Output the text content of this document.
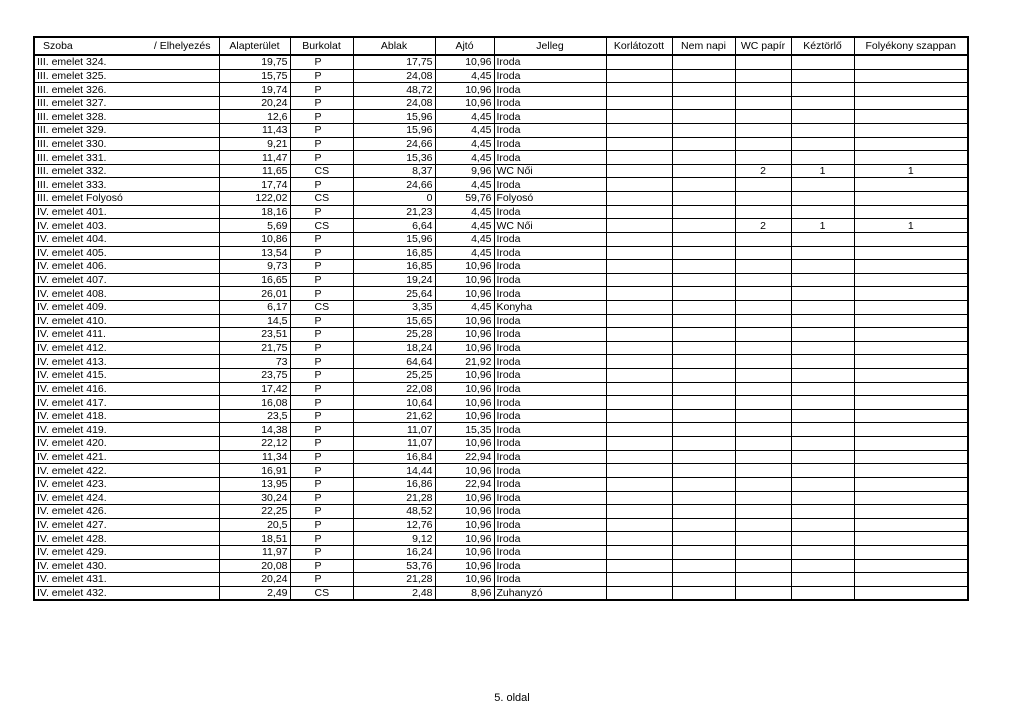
Szoba / Elhelyezés	Alapterület	Burkolat	Ablak	Ajtó	Jelleg	Korlátozott	Nem napi	WC papír	Kéztörlő	Folyékony szappan
III. emelet 324.	19,75	P	17,75	10,96	Iroda					
III. emelet 325.	15,75	P	24,08	4,45	Iroda					
III. emelet 326.	19,74	P	48,72	10,96	Iroda					
III. emelet 327.	20,24	P	24,08	10,96	Iroda					
III. emelet 328.	12,6	P	15,96	4,45	Iroda					
III. emelet 329.	11,43	P	15,96	4,45	Iroda					
III. emelet 330.	9,21	P	24,66	4,45	Iroda					
III. emelet 331.	11,47	P	15,36	4,45	Iroda					
III. emelet 332.	11,65	CS	8,37	9,96	WC Női			2	1	1
III. emelet 333.	17,74	P	24,66	4,45	Iroda					
III. emelet Folyosó	122,02	CS	0	59,76	Folyosó					
IV. emelet 401.	18,16	P	21,23	4,45	Iroda					
IV. emelet 403.	5,69	CS	6,64	4,45	WC Női			2	1	1
IV. emelet 404.	10,86	P	15,96	4,45	Iroda					
IV. emelet 405.	13,54	P	16,85	4,45	Iroda					
IV. emelet 406.	9,73	P	16,85	10,96	Iroda					
IV. emelet 407.	16,65	P	19,24	10,96	Iroda					
IV. emelet 408.	26,01	P	25,64	10,96	Iroda					
IV. emelet 409.	6,17	CS	3,35	4,45	Konyha					
IV. emelet 410.	14,5	P	15,65	10,96	Iroda					
IV. emelet 411.	23,51	P	25,28	10,96	Iroda					
IV. emelet 412.	21,75	P	18,24	10,96	Iroda					
IV. emelet 413.	73	P	64,64	21,92	Iroda					
IV. emelet 415.	23,75	P	25,25	10,96	Iroda					
IV. emelet 416.	17,42	P	22,08	10,96	Iroda					
IV. emelet 417.	16,08	P	10,64	10,96	Iroda					
IV. emelet 418.	23,5	P	21,62	10,96	Iroda					
IV. emelet 419.	14,38	P	11,07	15,35	Iroda					
IV. emelet 420.	22,12	P	11,07	10,96	Iroda					
IV. emelet 421.	11,34	P	16,84	22,94	Iroda					
IV. emelet 422.	16,91	P	14,44	10,96	Iroda					
IV. emelet 423.	13,95	P	16,86	22,94	Iroda					
IV. emelet 424.	30,24	P	21,28	10,96	Iroda					
IV. emelet 426.	22,25	P	48,52	10,96	Iroda					
IV. emelet 427.	20,5	P	12,76	10,96	Iroda					
IV. emelet 428.	18,51	P	9,12	10,96	Iroda					
IV. emelet 429.	11,97	P	16,24	10,96	Iroda					
IV. emelet 430.	20,08	P	53,76	10,96	Iroda					
IV. emelet 431.	20,24	P	21,28	10,96	Iroda					
IV. emelet 432.	2,49	CS	2,48	8,96	Zuhanyzó					
5. oldal
